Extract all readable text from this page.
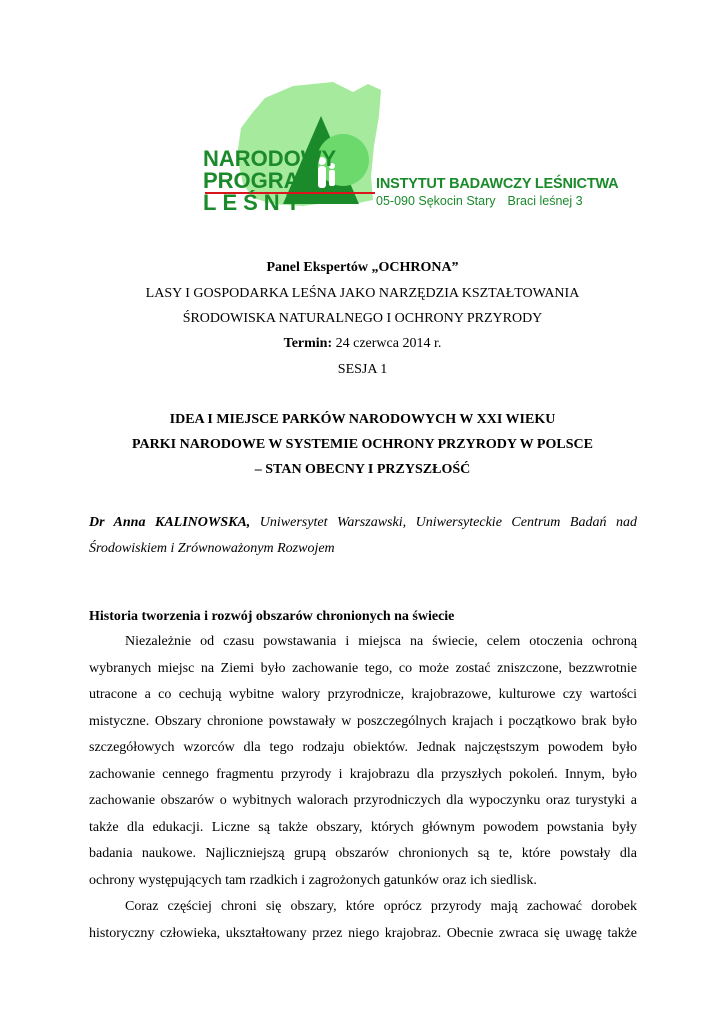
NARODOWY
PROGRAM
LEŚNY
INSTYTUT BADAWCZY LEŚNICTWA
05-090 Sękocin Stary Braci leśnej 3
Panel Ekspertów „OCHRONA”
LASY I GOSPODARKA LEŚNA JAKO NARZĘDZIA KSZTAŁTOWANIA
ŚRODOWISKA NATURALNEGO I OCHRONY PRZYRODY
Termin: 24 czerwca 2014 r.
SESJA 1
IDEA I MIEJSCE PARKÓW NARODOWYCH W XXI WIEKU
PARKI NARODOWE W SYSTEMIE OCHRONY PRZYRODY W POLSCE
– STAN OBECNY I PRZYSZŁOŚĆ
Dr Anna KALINOWSKA, Uniwersytet Warszawski, Uniwersyteckie Centrum Badań nad
Środowiskiem i Zrównoważonym Rozwojem
Historia tworzenia i rozwój obszarów chronionych na świecie
Niezależnie od czasu powstawania i miejsca na świecie, celem otoczenia ochroną
wybranych miejsc na Ziemi było zachowanie tego, co może zostać zniszczone, bezzwrotnie
utracone a co cechują wybitne walory przyrodnicze, krajobrazowe, kulturowe czy wartości
mistyczne. Obszary chronione powstawały w poszczególnych krajach i początkowo brak było
szczegółowych wzorców dla tego rodzaju obiektów. Jednak najczęstszym powodem było
zachowanie cennego fragmentu przyrody i krajobrazu dla przyszłych pokoleń. Innym, było
zachowanie obszarów o wybitnych walorach przyrodniczych dla wypoczynku oraz turystyki a
także dla edukacji. Liczne są także obszary, których głównym powodem powstania były
badania naukowe. Najliczniejszą grupą obszarów chronionych są te, które powstały dla
ochrony występujących tam rzadkich i zagrożonych gatunków oraz ich siedlisk.
Coraz częściej chroni się obszary, które oprócz przyrody mają zachować dorobek
historyczny człowieka, ukształtowany przez niego krajobraz. Obecnie zwraca się uwagę także
